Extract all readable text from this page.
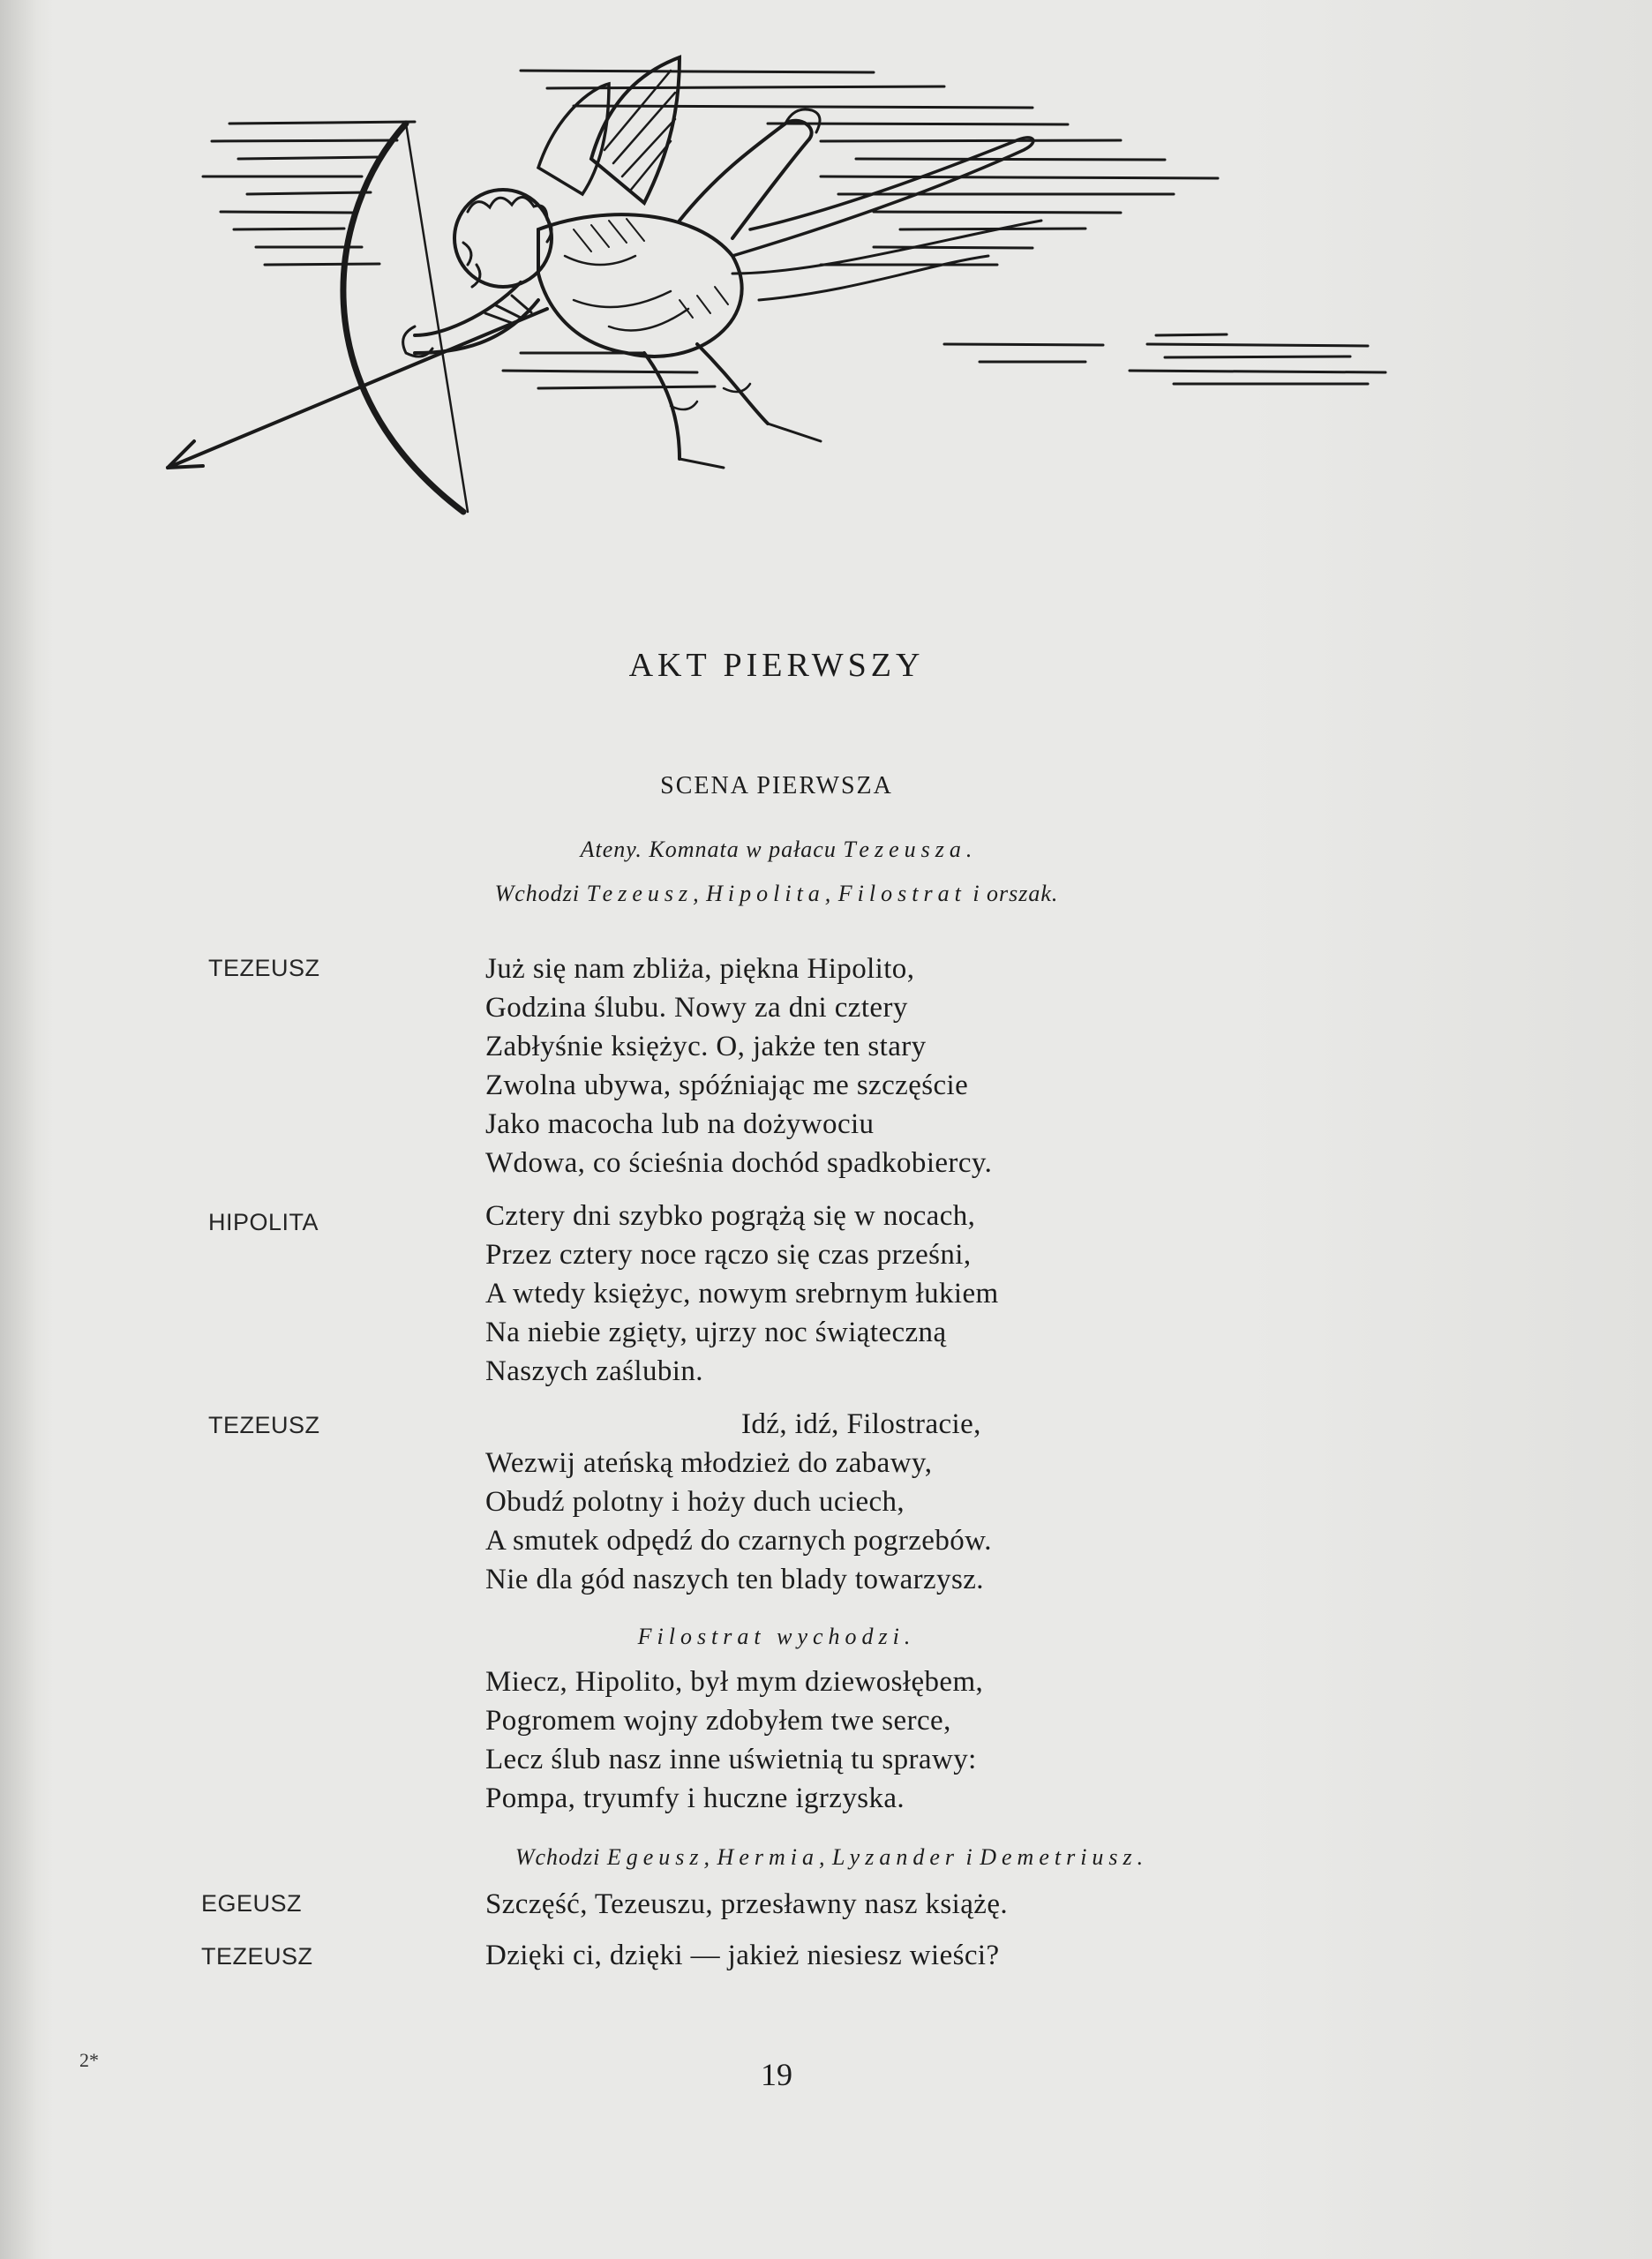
AKT PIERWSZY
SCENA PIERWSZA
Ateny. Komnata w pałacu Tezeusza.
Wchodzi Tezeusz, Hipolita, Filostrat i orszak.
TEZEUSZ	Już się nam zbliża, piękna Hipolito,
Godzina ślubu. Nowy za dni cztery
Zabłyśnie księżyc. O, jakże ten stary
Zwolna ubywa, spóźniając me szczęście
Jako macocha lub na dożywociu
Wdowa, co ścieśnia dochód spadkobiercy.
HIPOLITA	Cztery dni szybko pogrążą się w nocach,
Przez cztery noce rączo się czas prześni,
A wtedy księżyc, nowym srebrnym łukiem
Na niebie zgięty, ujrzy noc świąteczną
Naszych zaślubin.
TEZEUSZ	Idź, idź, Filostracie,
Wezwij ateńską młodzież do zabawy,
Obudź polotny i hoży duch uciech,
A smutek odpędź do czarnych pogrzebów.
Nie dla gód naszych ten blady towarzysz.
Filostrat wychodzi.
Miecz, Hipolito, był mym dziewosłębem,
Pogromem wojny zdobyłem twe serce,
Lecz ślub nasz inne uświetnią tu sprawy:
Pompa, tryumfy i huczne igrzyska.
Wchodzi Egeusz, Hermia, Lyzander i Demetriusz.
EGEUSZ	Szczęść, Tezeuszu, przesławny nasz książę.
TEZEUSZ	Dzięki ci, dzięki — jakież niesiesz wieści?
2*	19
